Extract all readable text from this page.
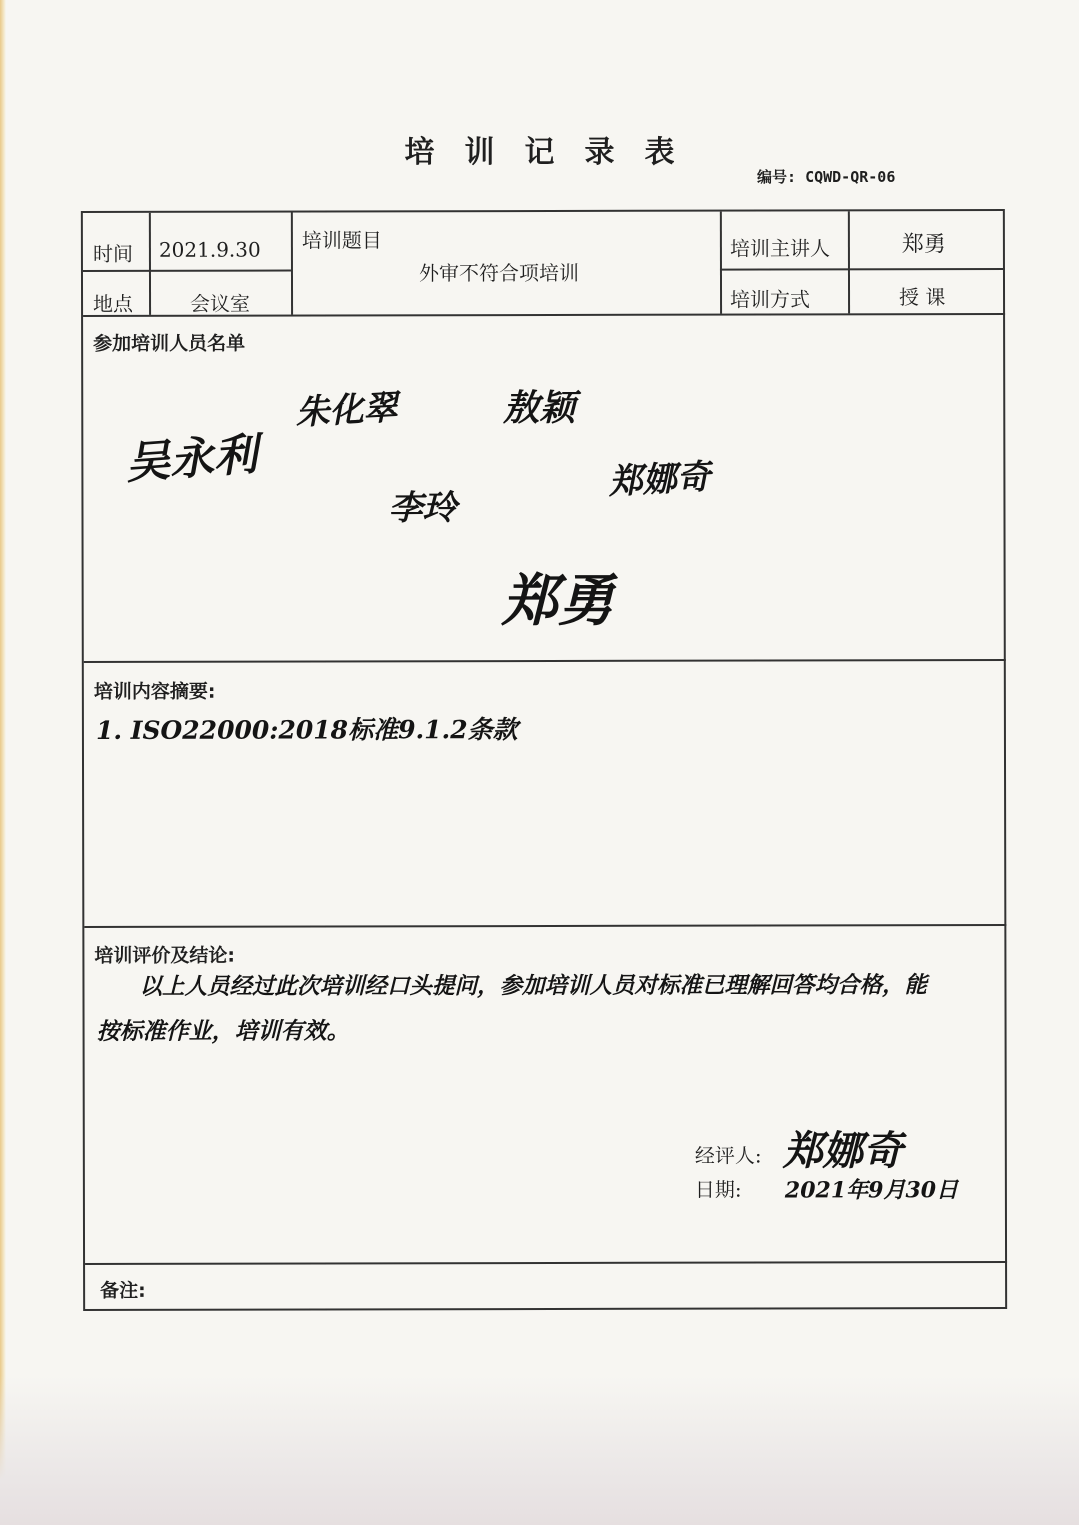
培训记录表
编号: CQWD-QR-06
时间 2021.9.30
地点	会议室
培训题目
外审不符合项培训
培训主讲人	郑勇
培训方式	授 课
参加培训人员名单
吴永利
朱化翠	敖颖
李玲
郑娜奇
郑勇
培训内容摘要:
1. ISO22000:2018标准9.1.2条款
培训评价及结论:
以上人员经过此次培训经口头提问，参加培训人员对标准已理解回答均合格，能
按标准作业，培训有效。
经评人: 郑娜奇
日期: 2021年9月30日
备注:
